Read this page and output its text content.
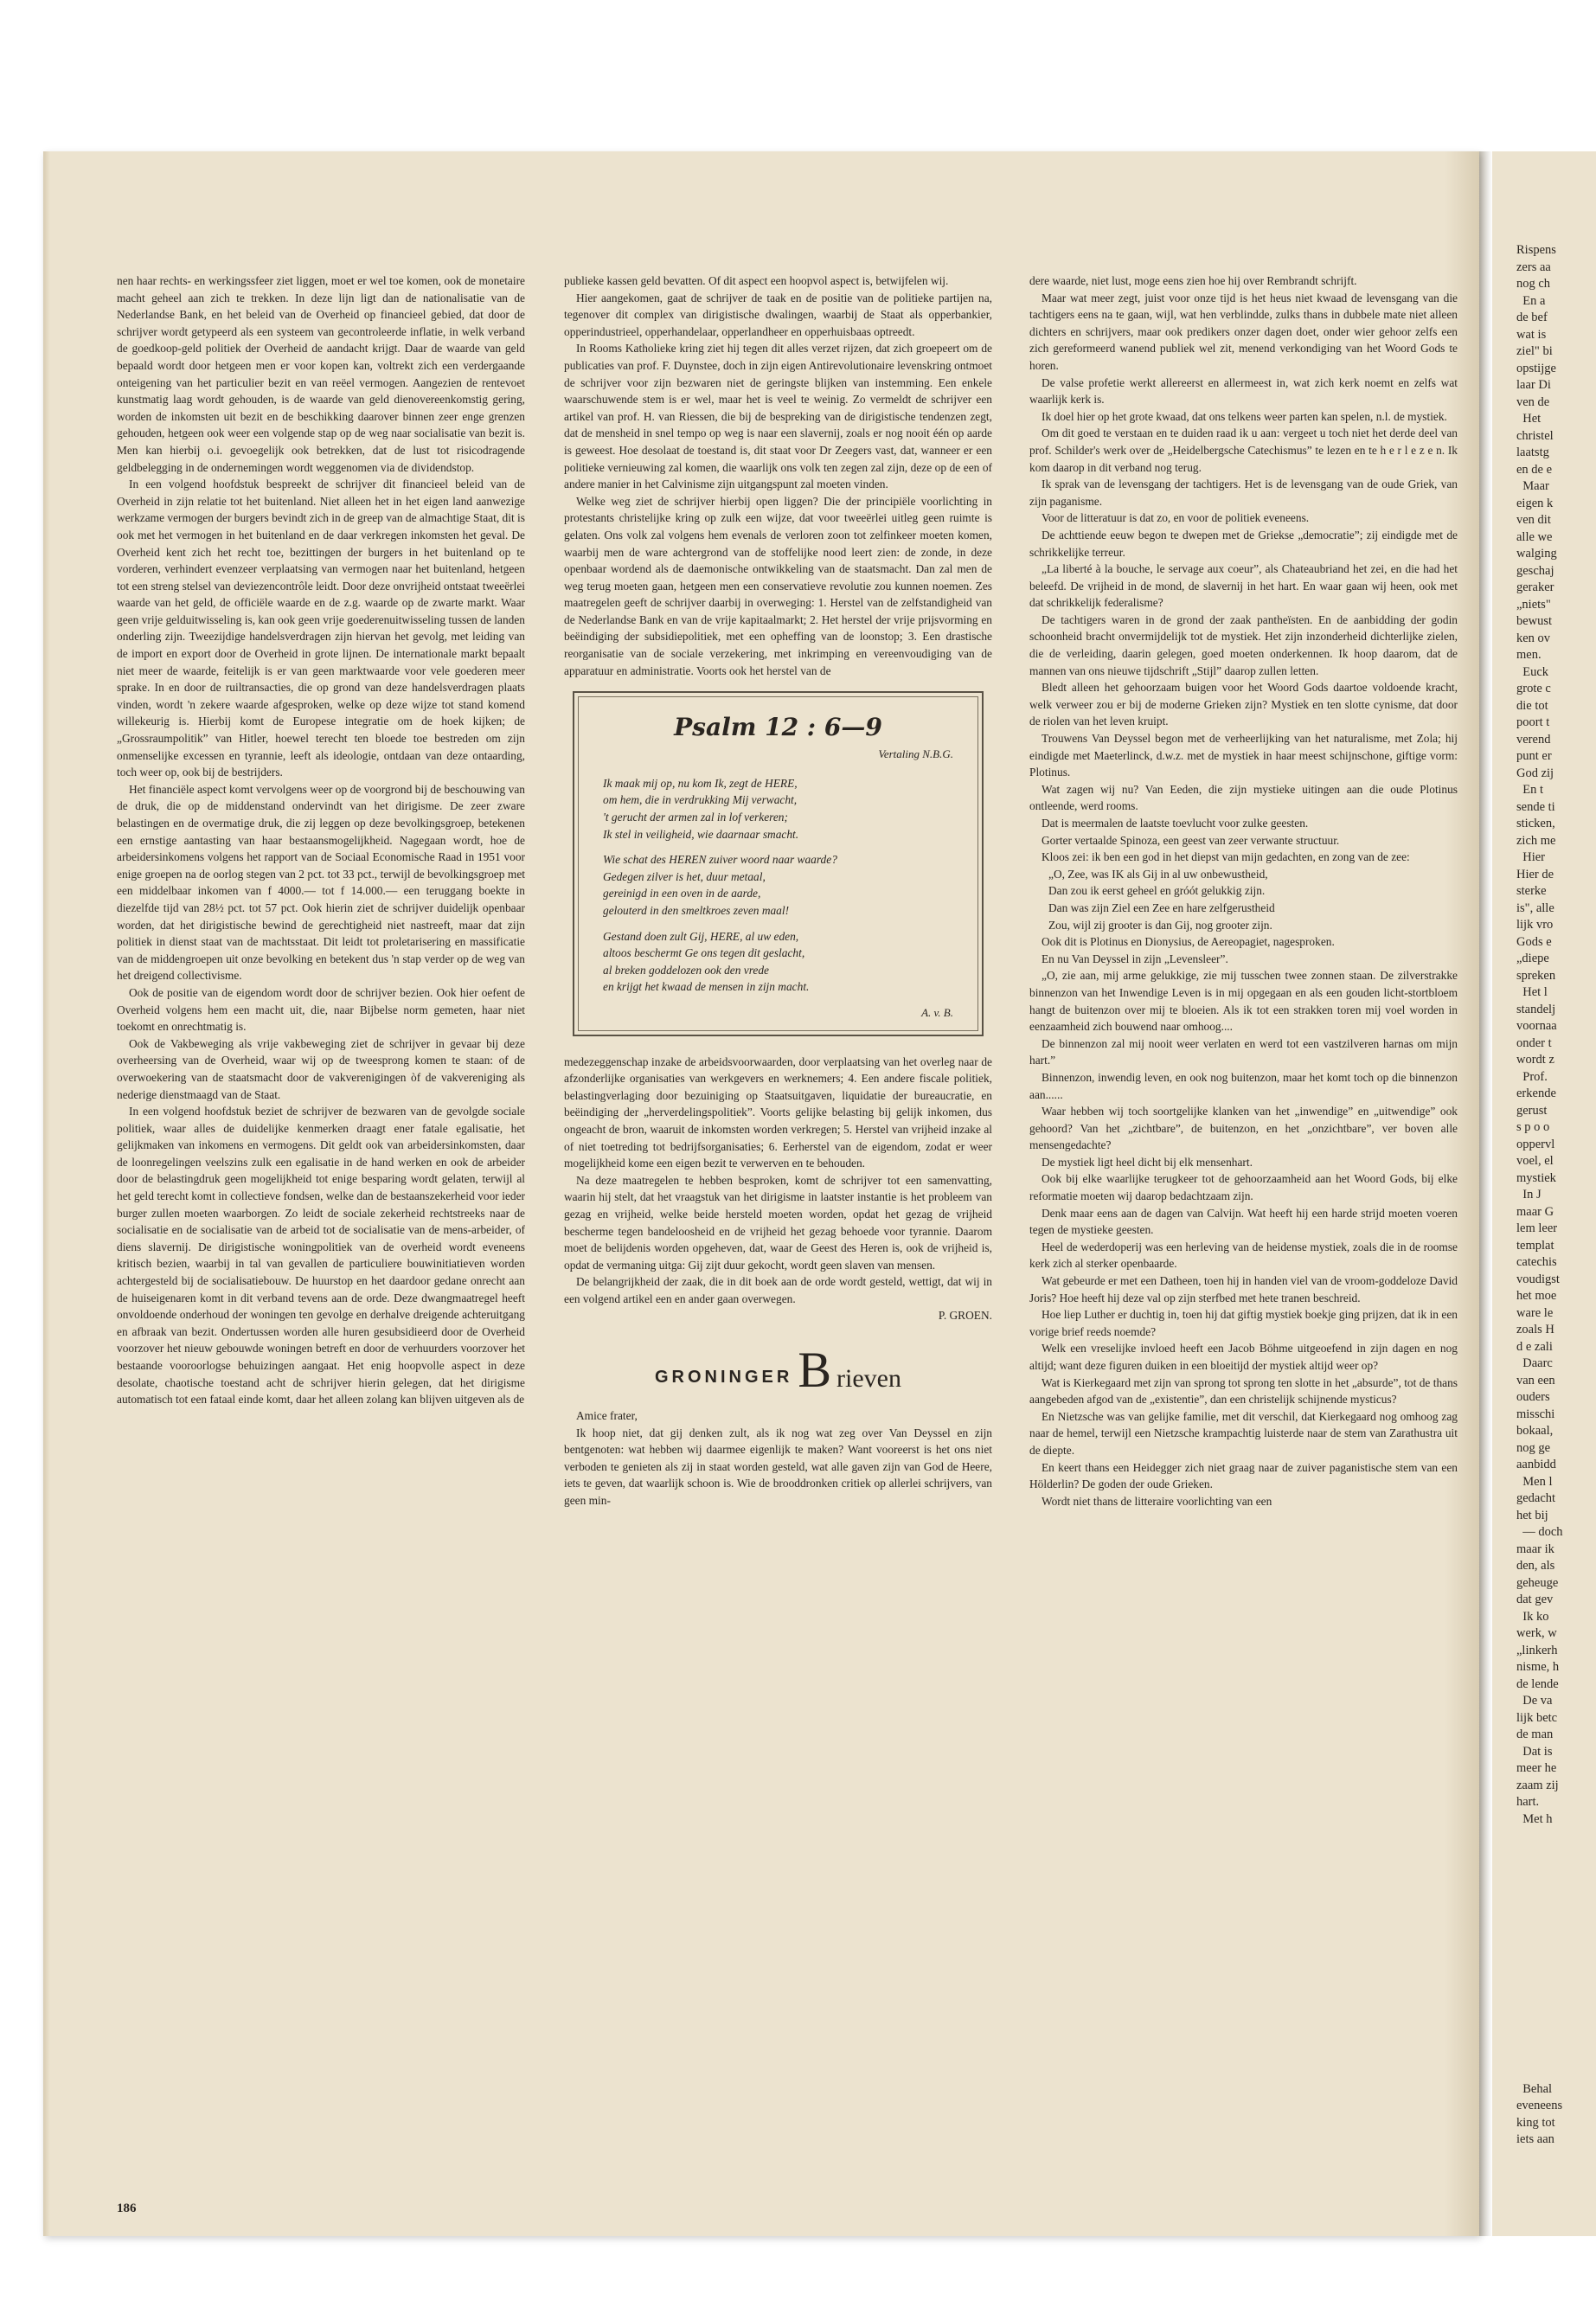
nen haar rechts- en werkingssfeer ziet liggen, moet er wel toe komen, ook de monetaire macht geheel aan zich te trekken. In deze lijn ligt dan de nationalisatie van de Nederlandse Bank, en het beleid van de Overheid op financieel gebied, dat door de schrijver wordt getypeerd als een systeem van gecontroleerde inflatie, in welk verband de goedkoop-geld politiek der Overheid de aandacht krijgt. Daar de waarde van geld bepaald wordt door hetgeen men er voor kopen kan, voltrekt zich een verdergaande onteigening van het particulier bezit en van reëel vermogen. Aangezien de rentevoet kunstmatig laag wordt gehouden, is de waarde van geld dienovereenkomstig gering, worden de inkomsten uit bezit en de beschikking daarover binnen zeer enge grenzen gehouden, hetgeen ook weer een volgende stap op de weg naar socialisatie van bezit is. Men kan hierbij o.i. gevoegelijk ook betrekken, dat de lust tot risicodragende geldbelegging in de ondernemingen wordt weggenomen via de dividendstop.

In een volgend hoofdstuk bespreekt de schrijver dit financieel beleid van de Overheid in zijn relatie tot het buitenland. Niet alleen het in het eigen land aanwezige werkzame vermogen der burgers bevindt zich in de greep van de almachtige Staat, dit is ook met het vermogen in het buitenland en de daar verkregen inkomsten het geval. De Overheid kent zich het recht toe, bezittingen der burgers in het buitenland op te vorderen, verhindert evenzeer verplaatsing van vermogen naar het buitenland, hetgeen tot een streng stelsel van deviezencontrôle leidt. Door deze onvrijheid ontstaat tweeërlei waarde van het geld, de officiële waarde en de z.g. waarde op de zwarte markt. Waar geen vrije gelduitwisseling is, kan ook geen vrije goederenuitwisseling tussen de landen onderling zijn. Tweezijdige handelsverdragen zijn hiervan het gevolg, met leiding van de import en export door de Overheid in grote lijnen. De internationale markt bepaalt niet meer de waarde, feitelijk is er van geen marktwaarde voor vele goederen meer sprake. In en door de ruiltransacties, die op grond van deze handelsverdragen plaats vinden, wordt 'n zekere waarde afgesproken, welke op deze wijze tot stand komend willekeurig is. Hierbij komt de Europese integratie om de hoek kijken; de „Grossraumpolitik” van Hitler, hoewel terecht ten bloede toe bestreden om zijn onmenselijke excessen en tyrannie, leeft als ideologie, ontdaan van deze ontaarding, toch weer op, ook bij de bestrijders.

Het financiële aspect komt vervolgens weer op de voorgrond bij de beschouwing van de druk, die op de middenstand ondervindt van het dirigisme. De zeer zware belastingen en de overmatige druk, die zij leggen op deze bevolkingsgroep, betekenen een ernstige aantasting van haar bestaansmogelijkheid. Nagegaan wordt, hoe de arbeidersinkomens volgens het rapport van de Sociaal Economische Raad in 1951 voor enige groepen na de oorlog stegen van 2 pct. tot 33 pct., terwijl de bevolkingsgroep met een middelbaar inkomen van f 4000.— tot f 14.000.— een teruggang boekte in diezelfde tijd van 28½ pct. tot 57 pct. Ook hierin ziet de schrijver duidelijk openbaar worden, dat het dirigistische bewind de gerechtigheid niet nastreeft, maar dat zijn politiek in dienst staat van de machtsstaat. Dit leidt tot proletarisering en massificatie van de middengroepen uit onze bevolking en betekent dus 'n stap verder op de weg van het dreigend collectivisme.

Ook de positie van de eigendom wordt door de schrijver bezien. Ook hier oefent de Overheid volgens hem een macht uit, die, naar Bijbelse norm gemeten, haar niet toekomt en onrechtmatig is.

Ook de Vakbeweging als vrije vakbeweging ziet de schrijver in gevaar bij deze overheersing van de Overheid, waar wij op de tweesprong komen te staan: of de overwoekering van de staatsmacht door de vakverenigingen òf de vakvereniging als nederige dienstmaagd van de Staat.

In een volgend hoofdstuk beziet de schrijver de bezwaren van de gevolgde sociale politiek, waar alles de duidelijke kenmerken draagt ener fatale egalisatie, het gelijkmaken van inkomens en vermogens. Dit geldt ook van arbeidersinkomsten, daar de loonregelingen veelszins zulk een egalisatie in de hand werken en ook de arbeider door de belastingdruk geen mogelijkheid tot enige besparing wordt gelaten, terwijl al het geld terecht komt in collectieve fondsen, welke dan de bestaanszekerheid voor ieder burger zullen moeten waarborgen. Zo leidt de sociale zekerheid rechtstreeks naar de socialisatie en de socialisatie van de arbeid tot de socialisatie van de mens-arbeider, of diens slavernij. De dirigistische woningpolitiek van de overheid wordt eveneens kritisch bezien, waarbij in tal van gevallen de particuliere bouwinitiatieven worden achtergesteld bij de socialisatiebouw. De huurstop en het daardoor gedane onrecht aan de huiseigenaren komt in dit verband tevens aan de orde. Deze dwangmaatregel heeft onvoldoende onderhoud der woningen ten gevolge en derhalve dreigende achteruitgang en afbraak van bezit. Ondertussen worden alle huren gesubsidieerd door de Overheid voorzover het nieuw gebouwde woningen betreft en door de verhuurders voorzover het bestaande vooroorlogse behuizingen aangaat. Het enig hoopvolle aspect in deze desolate, chaotische toestand acht de schrijver hierin gelegen, dat het dirigisme automatisch tot een fataal einde komt, daar het alleen zolang kan blijven uitgeven als de

publieke kassen geld bevatten. Of dit aspect een hoopvol aspect is, betwijfelen wij.

Hier aangekomen, gaat de schrijver de taak en de positie van de politieke partijen na, tegenover dit complex van dirigistische dwalingen, waarbij de Staat als opperbankier, opperindustrieel, opperhandelaar, opperlandheer en opperhuisbaas optreedt.

In Rooms Katholieke kring ziet hij tegen dit alles verzet rijzen, dat zich groepeert om de publicaties van prof. F. Duynstee, doch in zijn eigen Antirevolutionaire levenskring ontmoet de schrijver voor zijn bezwaren niet de geringste blijken van instemming. Een enkele waarschuwende stem is er wel, maar het is veel te weinig. Zo vermeldt de schrijver een artikel van prof. H. van Riessen, die bij de bespreking van de dirigistische tendenzen zegt, dat de mensheid in snel tempo op weg is naar een slavernij, zoals er nog nooit één op aarde is geweest. Hoe desolaat de toestand is, dit staat voor Dr Zeegers vast, dat, wanneer er een politieke vernieuwing zal komen, die waarlijk ons volk ten zegen zal zijn, deze op de een of andere manier in het Calvinisme zijn uitgangspunt zal moeten vinden.

Welke weg ziet de schrijver hierbij open liggen? Die der principiële voorlichting in protestants christelijke kring op zulk een wijze, dat voor tweeërlei uitleg geen ruimte is gelaten. Ons volk zal volgens hem evenals de verloren zoon tot zelfinkeer moeten komen, waarbij men de ware achtergrond van de stoffelijke nood leert zien: de zonde, in deze openbaar wordend als de daemonische ontwikkeling van de staatsmacht. Dan zal men de weg terug moeten gaan, hetgeen men een conservatieve revolutie zou kunnen noemen. Zes maatregelen geeft de schrijver daarbij in overweging: 1. Herstel van de zelfstandigheid van de Nederlandse Bank en van de vrije kapitaalmarkt; 2. Het herstel der vrije prijsvorming en beëindiging der subsidiepolitiek, met een opheffing van de loonstop; 3. Een drastische reorganisatie van de sociale verzekering, met inkrimping en vereenvoudiging van de apparatuur en administratie. Voorts ook het herstel van de

Psalm 12 : 6—9
Vertaling N.B.G.
Ik maak mij op, nu kom Ik, zegt de HERE,
om hem, die in verdrukking Mij verwacht,
't gerucht der armen zal in lof verkeren;
Ik stel in veiligheid, wie daarnaar smacht.
Wie schat des HEREN zuiver woord naar waarde?
Gedegen zilver is het, duur metaal,
gereinigd in een oven in de aarde,
gelouterd in den smeltkroes zeven maal!
Gestand doen zult Gij, HERE, al uw eden,
altoos beschermt Ge ons tegen dit geslacht,
al breken goddelozen ook den vrede
en krijgt het kwaad de mensen in zijn macht.
A. v. B.

medezeggenschap inzake de arbeidsvoorwaarden, door verplaatsing van het overleg naar de afzonderlijke organisaties van werkgevers en werknemers; 4. Een andere fiscale politiek, belastingverlaging door bezuiniging op Staatsuitgaven, liquidatie der bureaucratie, en beëindiging der „herverdelingspolitiek”. Voorts gelijke belasting bij gelijk inkomen, dus ongeacht de bron, waaruit de inkomsten worden verkregen; 5. Herstel van vrijheid inzake al of niet toetreding tot bedrijfsorganisaties; 6. Eerherstel van de eigendom, zodat er weer mogelijkheid kome een eigen bezit te verwerven en te behouden.

Na deze maatregelen te hebben besproken, komt de schrijver tot een samenvatting, waarin hij stelt, dat het vraagstuk van het dirigisme in laatster instantie is het probleem van gezag en vrijheid, welke beide hersteld moeten worden, opdat het gezag de vrijheid bescherme tegen bandeloosheid en de vrijheid het gezag behoede voor tyrannie. Daarom moet de belijdenis worden opgeheven, dat, waar de Geest des Heren is, ook de vrijheid is, opdat de vermaning uitga: Gij zijt duur gekocht, wordt geen slaven van mensen.

De belangrijkheid der zaak, die in dit boek aan de orde wordt gesteld, wettigt, dat wij in een volgend artikel een en ander gaan overwegen.

P. GROEN.

GRONINGER B rieven

Amice frater,

Ik hoop niet, dat gij denken zult, als ik nog wat zeg over Van Deyssel en zijn bentgenoten: wat hebben wij daarmee eigenlijk te maken? Want vooreerst is het ons niet verboden te genieten als zij in staat worden gesteld, wat alle gaven zijn van God de Heere, iets te geven, dat waarlijk schoon is. Wie de brooddronken critiek op allerlei schrijvers, van geen min-

dere waarde, niet lust, moge eens zien hoe hij over Rembrandt schrijft.

Maar wat meer zegt, juist voor onze tijd is het heus niet kwaad de levensgang van die tachtigers eens na te gaan, wijl, wat hen verblindde, zulks thans in dubbele mate niet alleen dichters en schrijvers, maar ook predikers onzer dagen doet, onder wier gehoor zelfs een zich gereformeerd wanend publiek wel zit, menend verkondiging van het Woord Gods te horen.

De valse profetie werkt allereerst en allermeest in, wat zich kerk noemt en zelfs wat waarlijk kerk is.

Ik doel hier op het grote kwaad, dat ons telkens weer parten kan spelen, n.l. de mystiek.

Om dit goed te verstaan en te duiden raad ik u aan: vergeet u toch niet het derde deel van prof. Schilder's werk over de „Heidelbergsche Catechismus” te lezen en te h e r l e z e n. Ik kom daarop in dit verband nog terug.

Ik sprak van de levensgang der tachtigers. Het is de levensgang van de oude Griek, van zijn paganisme.

Voor de litteratuur is dat zo, en voor de politiek eveneens.

De achttiende eeuw begon te dwepen met de Griekse „democratie”; zij eindigde met de schrikkelijke terreur.

„La liberté à la bouche, le servage aux coeur”, als Chateaubriand het zei, en die had het beleefd. De vrijheid in de mond, de slavernij in het hart. En waar gaan wij heen, ook met dat schrikkelijk federalisme?

De tachtigers waren in de grond der zaak pantheïsten. En de aanbidding der godin schoonheid bracht onvermijdelijk tot de mystiek. Het zijn inzonderheid dichterlijke zielen, die de verleiding, daarin gelegen, goed moeten onderkennen. Ik hoop daarom, dat de mannen van ons nieuwe tijdschrift „Stijl” daarop zullen letten.

Bledt alleen het gehoorzaam buigen voor het Woord Gods daartoe voldoende kracht, welk verweer zou er bij de moderne Grieken zijn? Mystiek en ten slotte cynisme, dat door de riolen van het leven kruipt.

Trouwens Van Deyssel begon met de verheerlijking van het naturalisme, met Zola; hij eindigde met Maeterlinck, d.w.z. met de mystiek in haar meest schijnschone, giftige vorm: Plotinus.

Wat zagen wij nu? Van Eeden, die zijn mystieke uitingen aan die oude Plotinus ontleende, werd rooms.

Dat is meermalen de laatste toevlucht voor zulke geesten.

Gorter vertaalde Spinoza, een geest van zeer verwante structuur.

Kloos zei: ik ben een god in het diepst van mijn gedachten, en zong van de zee:

„O, Zee, was IK als Gij in al uw onbewustheid,

Dan zou ik eerst geheel en gróót gelukkig zijn.

Dan was zijn Ziel een Zee en hare zelfgerustheid

Zou, wijl zij grooter is dan Gij, nog grooter zijn.

Ook dit is Plotinus en Dionysius, de Aereopagiet, nagesproken.

En nu Van Deyssel in zijn „Levensleer”.

„O, zie aan, mij arme gelukkige, zie mij tusschen twee zonnen staan. De zilverstrakke binnenzon van het Inwendige Leven is in mij opgegaan en als een gouden licht-stortbloem hangt de buitenzon over mij te bloeien. Als ik tot een strakken toren mij voel worden in eenzaamheid zich bouwend naar omhoog....

De binnenzon zal mij nooit weer verlaten en werd tot een vastzilveren harnas om mijn hart.”

Binnenzon, inwendig leven, en ook nog buitenzon, maar het komt toch op die binnenzon aan......

Waar hebben wij toch soortgelijke klanken van het „inwendige” en „uitwendige” ook gehoord? Van het „zichtbare”, de buitenzon, en het „onzichtbare”, ver boven alle mensengedachte?

De mystiek ligt heel dicht bij elk mensenhart.

Ook bij elke waarlijke terugkeer tot de gehoorzaamheid aan het Woord Gods, bij elke reformatie moeten wij daarop bedachtzaam zijn.

Denk maar eens aan de dagen van Calvijn. Wat heeft hij een harde strijd moeten voeren tegen de mystieke geesten.

Heel de wederdoperij was een herleving van de heidense mystiek, zoals die in de roomse kerk zich al sterker openbaarde.

Wat gebeurde er met een Datheen, toen hij in handen viel van de vroom-goddeloze David Joris? Hoe heeft hij deze val op zijn sterfbed met hete tranen beschreid.

Hoe liep Luther er duchtig in, toen hij dat giftig mystiek boekje ging prijzen, dat ik in een vorige brief reeds noemde?

Welk een vreselijke invloed heeft een Jacob Böhme uitgeoefend in zijn dagen en nog altijd; want deze figuren duiken in een bloeitijd der mystiek altijd weer op?

Wat is Kierkegaard met zijn van sprong tot sprong ten slotte in het „absurde”, tot de thans aangebeden afgod van de „existentie”, dan een christelijk schijnende mysticus?

En Nietzsche was van gelijke familie, met dit verschil, dat Kierkegaard nog omhoog zag naar de hemel, terwijl een Nietzsche krampachtig luisterde naar de stem van Zarathustra uit de diepte.

En keert thans een Heidegger zich niet graag naar de zuiver paganistische stem van een Hölderlin? De goden der oude Grieken.

Wordt niet thans de litteraire voorlichting van een

186
Rispens
zers aa
nog ch
En a
de bef
wat is
ziel" bi
opstijge
laar Di
ven de
Het
christel
laatstg
en de e
Maar
eigen k
ven dit
alle we
walging
geschaj
geraker
„niets"
bewust
ken ov
men.
Euck
grote c
die tot
poort t
verend
punt er
God zij
En t
sende ti
sticken,
zich me
Hier
Hier de
sterke
is", alle
lijk vro
Gods e
„diepe
spreken
Het l
standelj
voornaa
onder t
wordt z
Prof.
erkende
gerust
s p o o
oppervl
voel, el
mystiek
In J
maar G
lem leer
templat
catechis
voudigst
het moe
ware le
zoals H
d e zali
Daarc
van een
ouders
misschi
bokaal,
nog ge
aanbidd
Men l
gedacht
het bij
— doch
maar ik
den, als
geheuge
dat gev
Ik ko
werk, w
„linkerh
nisme, h
de lende
De va
lijk betc
de man
Dat is
meer he
zaam zij
hart.
Met h

Behal
eveneens
king tot
iets aan
